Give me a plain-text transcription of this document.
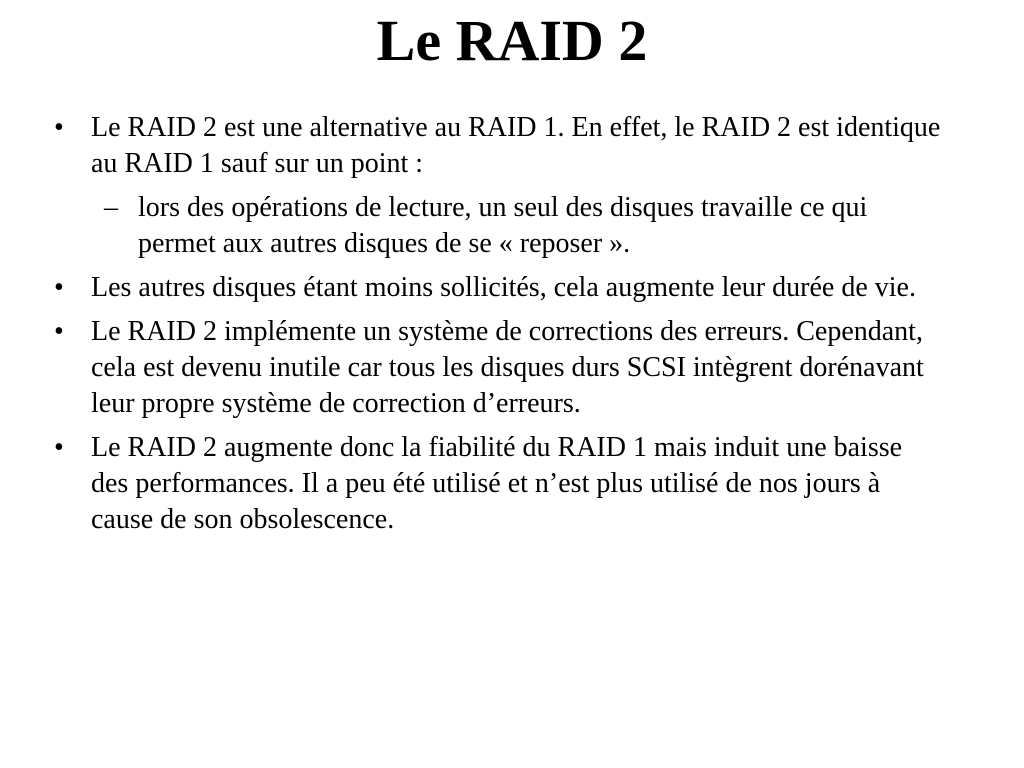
Le RAID 2
• Le RAID 2 est une alternative au RAID 1. En effet, le RAID 2 est identique au RAID 1 sauf sur un point :
– lors des opérations de lecture, un seul des disques travaille ce qui permet aux autres disques de se « reposer ».
• Les autres disques étant moins sollicités, cela augmente leur durée de vie.
• Le RAID 2 implémente un système de corrections des erreurs. Cependant, cela est devenu inutile car tous les disques durs SCSI intègrent dorénavant leur propre système de correction d’erreurs.
• Le RAID 2 augmente donc la fiabilité du RAID 1 mais induit une baisse des performances. Il a peu été utilisé et n’est plus utilisé de nos jours à cause de son obsolescence.
